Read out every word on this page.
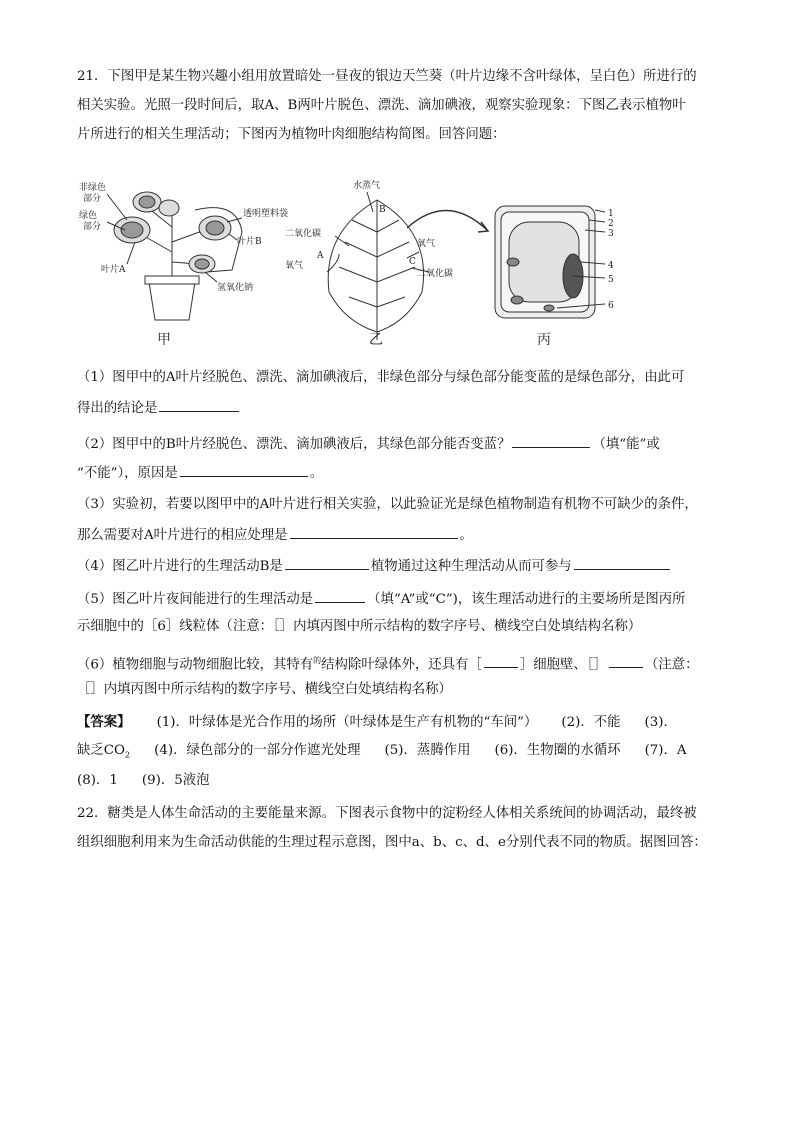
21．下图甲是某生物兴趣小组用放置暗处一昼夜的银边天竺葵（叶片边缘不含叶绿体，呈白色）所进行的
相关实验。光照一段时间后，取A、B两叶片脱色、漂洗、滴加碘液，观察实验现象：下图乙表示植物叶
片所进行的相关生理活动；下图丙为植物叶肉细胞结构简图。回答问题：
非绿色
部分
绿色
部分
叶片A
透明塑料袋
叶片B
氢氧化钠
甲
水蒸气
B
二氧化碳
A
氧气
氧气
C
二氧化碳
乙
1
2
3
4
5
6
丙
（1）图甲中的A叶片经脱色、漂洗、滴加碘液后，非绿色部分与绿色部分能变蓝的是绿色部分，由此可
得出的结论是
（2）图甲中的B叶片经脱色、漂洗、滴加碘液后，其绿色部分能否变蓝？	（填“能”或
“不能”），原因是	。
（3）实验初，若要以图甲中的A叶片进行相关实验，以此验证光是绿色植物制造有机物不可缺少的条件，
那么需要对A叶片进行的相应处理是	。
（4）图乙叶片进行的生理活动B是	植物通过这种生理活动从而可参与
（5）图乙叶片夜间能进行的生理活动是	（填“A”或“C”)，该生理活动进行的主要场所是图丙所
示细胞中的［6］线粒体（注意：［］内填丙图中所示结构的数字序号、横线空白处填结构名称）
（6）植物细胞与动物细胞比较，其特有$^的$结构除叶绿体外，还具有［	］细胞壁、［］	（注意：
［］内填丙图中所示结构的数字序号、横线空白处填结构名称）
【答案】 (1)．叶绿体是光合作用的场所（叶绿体是生产有机物的“车间”） (2)．不能 (3)．
缺乏$CO_2$ (4)．绿色部分的一部分作遮光处理 (5)．蒸腾作用 (6)．生物圈的水循环 (7)．A
(8)．1 (9)．5液泡
22．糖类是人体生命活动的主要能量来源。下图表示食物中的淀粉经人体相关系统间的协调活动，最终被
组织细胞利用来为生命活动供能的生理过程示意图，图中a、b、c、d、e分别代表不同的物质。据图回答：
